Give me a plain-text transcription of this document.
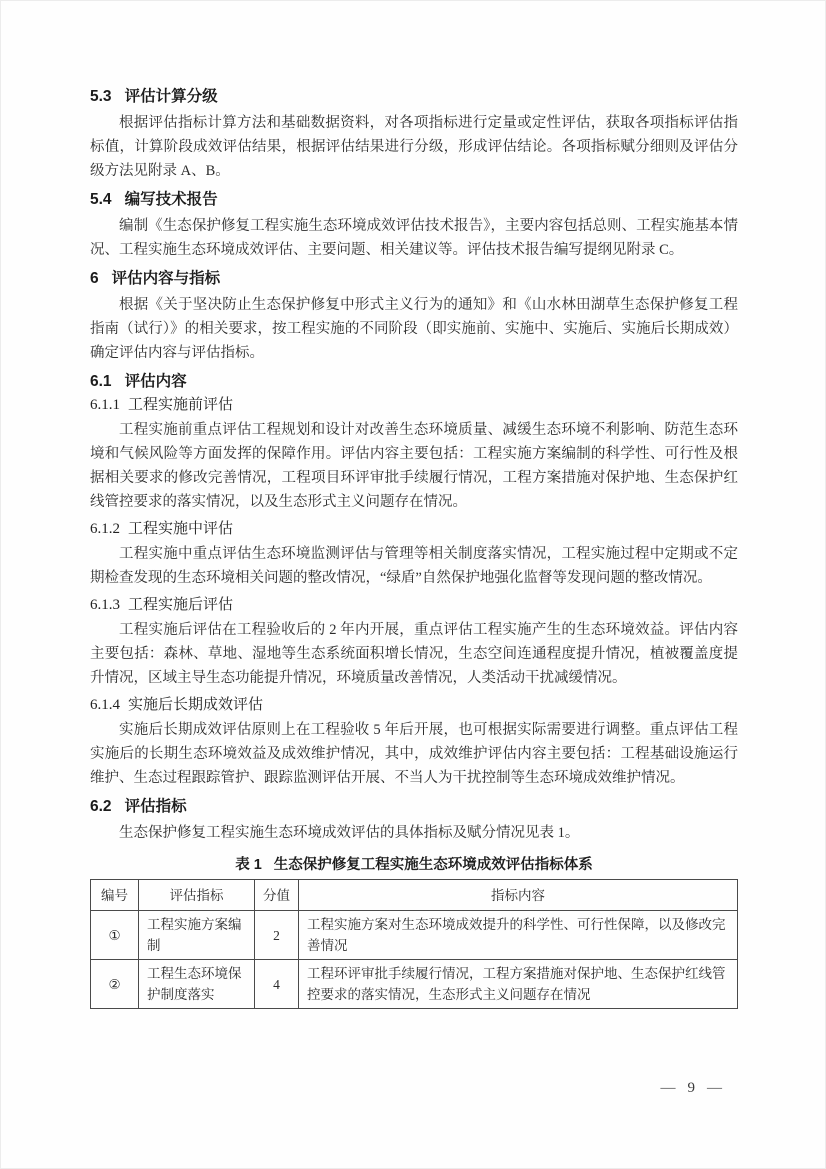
5.3 评估计算分级

根据评估指标计算方法和基础数据资料，对各项指标进行定量或定性评估，获取各项指标评估指标值，计算阶段成效评估结果，根据评估结果进行分级，形成评估结论。各项指标赋分细则及评估分级方法见附录 A、B。

5.4 编写技术报告

编制《生态保护修复工程实施生态环境成效评估技术报告》，主要内容包括总则、工程实施基本情况、工程实施生态环境成效评估、主要问题、相关建议等。评估技术报告编写提纲见附录 C。

6 评估内容与指标

根据《关于坚决防止生态保护修复中形式主义行为的通知》和《山水林田湖草生态保护修复工程指南（试行）》的相关要求，按工程实施的不同阶段（即实施前、实施中、实施后、实施后长期成效）确定评估内容与评估指标。

6.1 评估内容
6.1.1 工程实施前评估

工程实施前重点评估工程规划和设计对改善生态环境质量、减缓生态环境不利影响、防范生态环境和气候风险等方面发挥的保障作用。评估内容主要包括：工程实施方案编制的科学性、可行性及根据相关要求的修改完善情况，工程项目环评审批手续履行情况，工程方案措施对保护地、生态保护红线管控要求的落实情况，以及生态形式主义问题存在情况。

6.1.2 工程实施中评估

工程实施中重点评估生态环境监测评估与管理等相关制度落实情况，工程实施过程中定期或不定期检查发现的生态环境相关问题的整改情况，“绿盾”自然保护地强化监督等发现问题的整改情况。

6.1.3 工程实施后评估

工程实施后评估在工程验收后的 2 年内开展，重点评估工程实施产生的生态环境效益。评估内容主要包括：森林、草地、湿地等生态系统面积增长情况，生态空间连通程度提升情况，植被覆盖度提升情况，区域主导生态功能提升情况，环境质量改善情况，人类活动干扰减缓情况。

6.1.4 实施后长期成效评估

实施后长期成效评估原则上在工程验收 5 年后开展，也可根据实际需要进行调整。重点评估工程实施后的长期生态环境效益及成效维护情况，其中，成效维护评估内容主要包括：工程基础设施运行维护、生态过程跟踪管护、跟踪监测评估开展、不当人为干扰控制等生态环境成效维护情况。

6.2 评估指标

生态保护修复工程实施生态环境成效评估的具体指标及赋分情况见表 1。

表 1 生态保护修复工程实施生态环境成效评估指标体系
编号	评估指标	分值	指标内容
①	工程实施方案编制	2	工程实施方案对生态环境成效提升的科学性、可行性保障，以及修改完善情况
②	工程生态环境保护制度落实	4	工程环评审批手续履行情况，工程方案措施对保护地、生态保护红线管控要求的落实情况，生态形式主义问题存在情况
— 9 —
